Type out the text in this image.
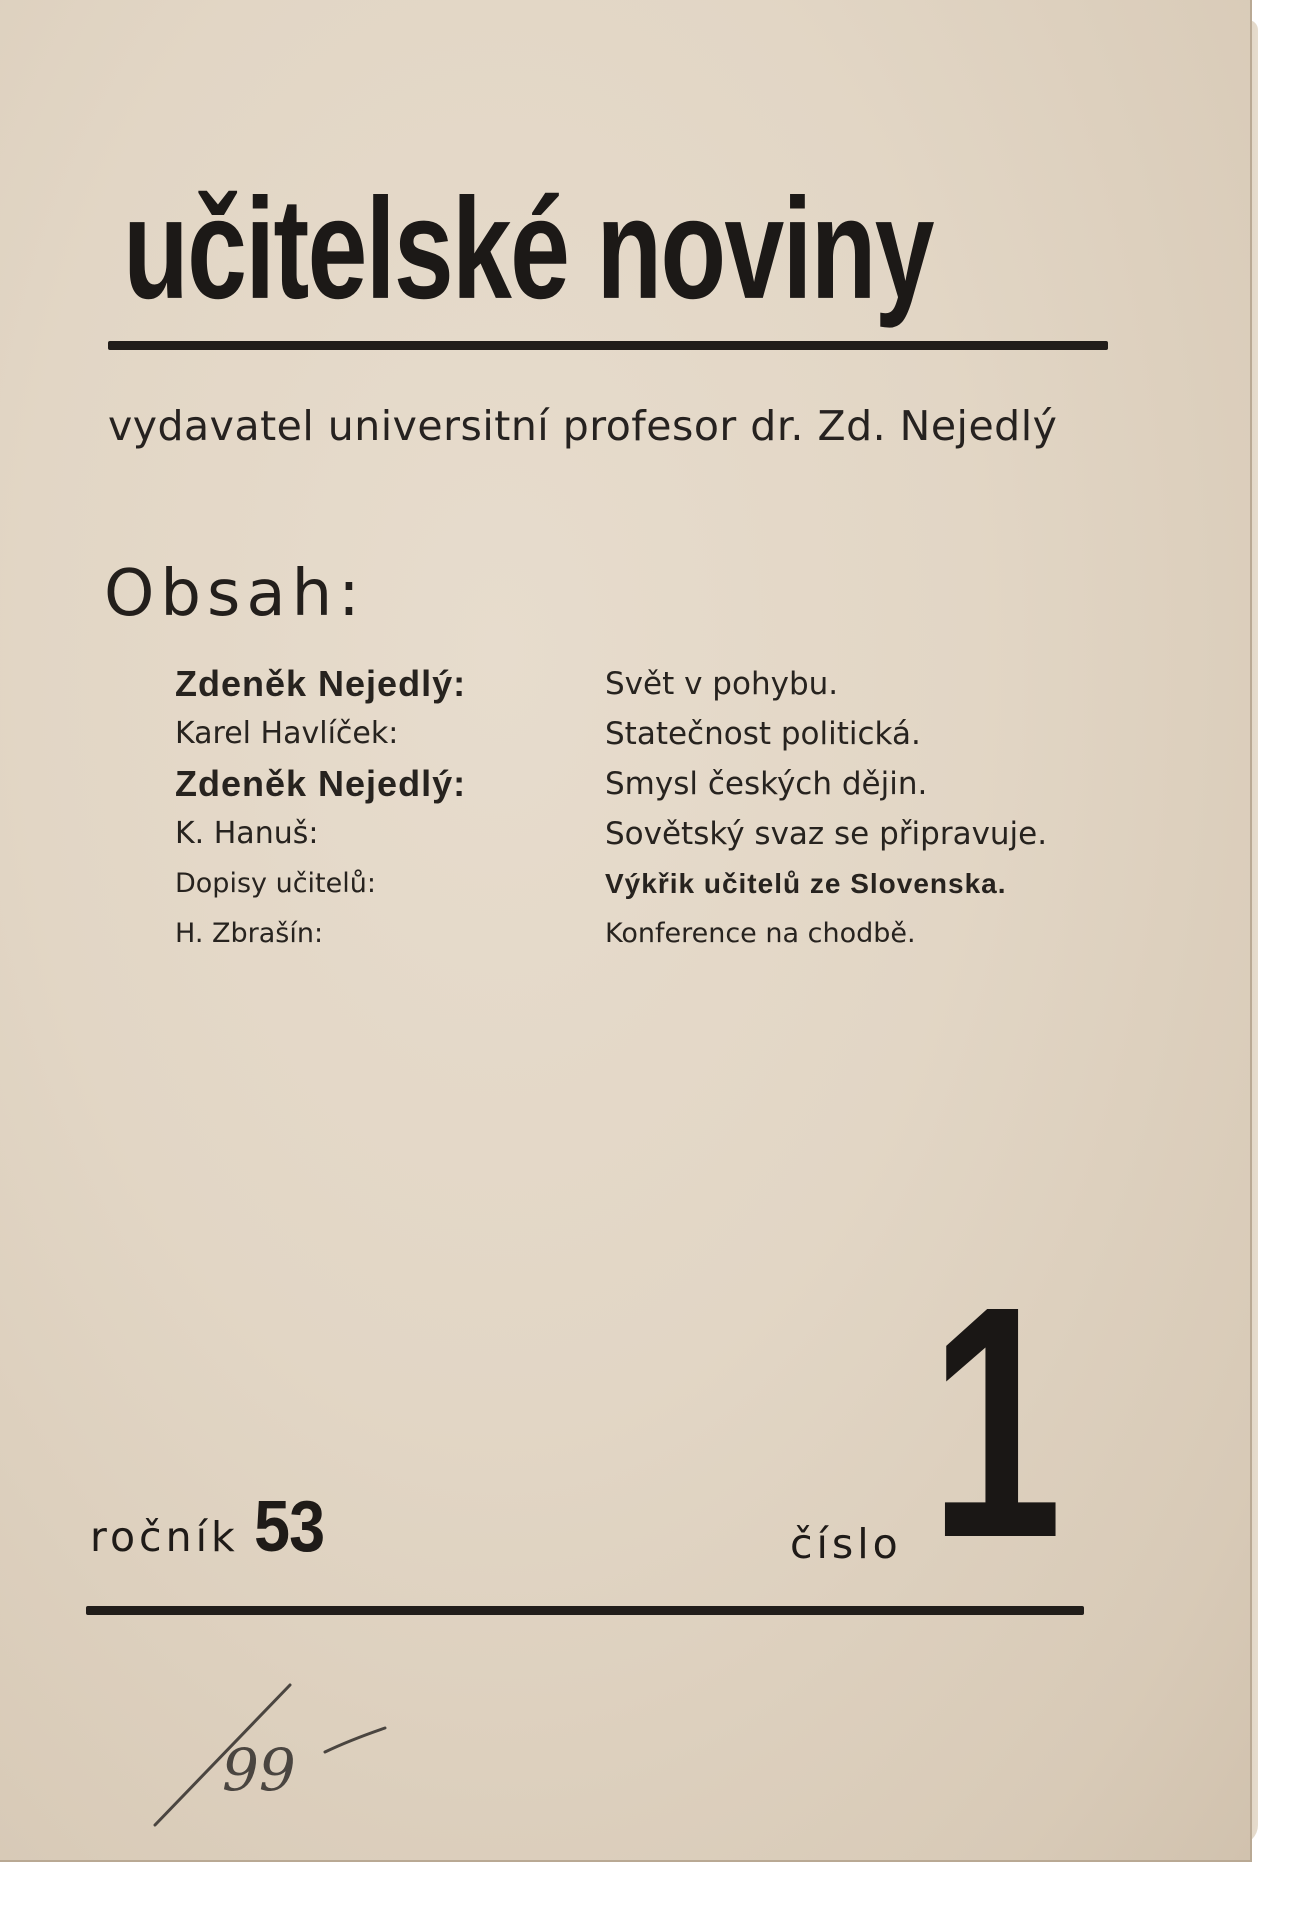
učitelské noviny
vydavatel universitní profesor dr. Zd. Nejedlý
Obsah:
Zdeněk Nejedlý:	Svět v pohybu.
Karel Havlíček:	Statečnost politická.
Zdeněk Nejedlý:	Smysl českých dějin.
K. Hanuš:	Sovětský svaz se připravuje.
Dopisy učitelů:	Výkřik učitelů ze Slovenska.
H. Zbrašín:	Konference na chodbě.
1
ročník 53	číslo
99
